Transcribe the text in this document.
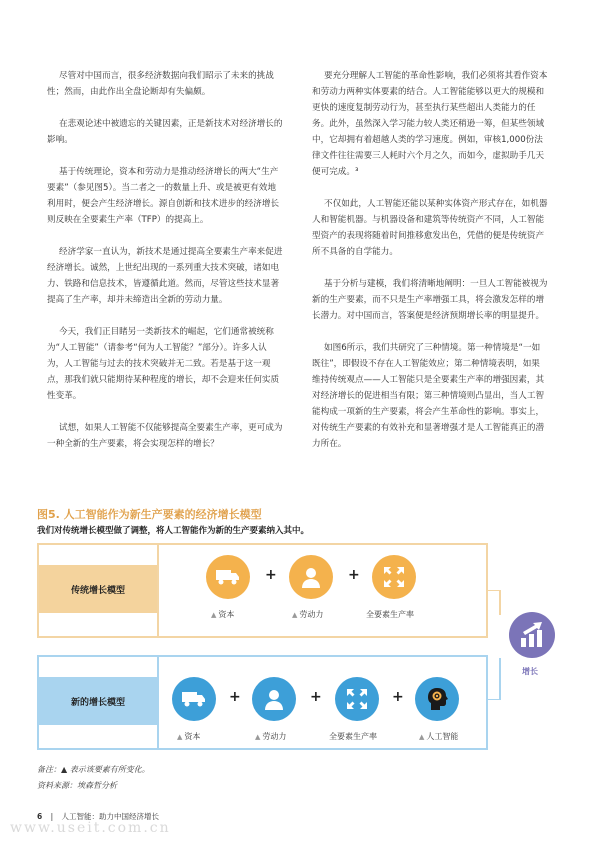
尽管对中国而言，很多经济数据向我们昭示了未来的挑战性；然而，由此作出全盘论断却有失偏颇。

在悲观论述中被遗忘的关键因素，正是新技术对经济增长的影响。

基于传统理论，资本和劳动力是推动经济增长的两大“生产要素”（参见图5）。当二者之一的数量上升、或是被更有效地利用时，便会产生经济增长。源自创新和技术进步的经济增长则反映在全要素生产率（TFP）的提高上。

经济学家一直认为，新技术是通过提高全要素生产率来促进经济增长。诚然，上世纪出现的一系列重大技术突破，诸如电力、铁路和信息技术，皆遵循此道。然而，尽管这些技术显著提高了生产率，却并未缔造出全新的劳动力量。

今天，我们正目睹另一类新技术的崛起，它们通常被统称为“人工智能”（请参考“何为人工智能？”部分）。许多人认为，人工智能与过去的技术突破并无二致。若是基于这一观点，那我们就只能期待某种程度的增长，却不会迎来任何实质性变革。

试想，如果人工智能不仅能够提高全要素生产率，更可成为一种全新的生产要素，将会实现怎样的增长？

要充分理解人工智能的革命性影响，我们必须将其看作资本和劳动力两种实体要素的结合。人工智能能够以更大的规模和更快的速度复制劳动行为，甚至执行某些超出人类能力的任务。此外，虽然深入学习能力较人类还稍逊一筹，但某些领域中，它却拥有着超越人类的学习速度。例如，审核1,000份法律文件往往需要三人耗时六个月之久，而如今，虚拟助手几天便可完成。³

不仅如此，人工智能还能以某种实体资产形式存在，如机器人和智能机器。与机器设备和建筑等传统资产不同，人工智能型资产的表现将随着时间推移愈发出色，凭借的便是传统资产所不具备的自学能力。

基于分析与建模，我们将清晰地阐明：一旦人工智能被视为新的生产要素，而不只是生产率增强工具，将会激发怎样的增长潜力。对中国而言，答案便是经济预期增长率的明显提升。

如图6所示，我们共研究了三种情境。第一种情境是“一如既往”，即假设不存在人工智能效应；第二种情境表明，如果维持传统观点——人工智能只是全要素生产率的增强因素，其对经济增长的促进相当有限；第三种情境则凸显出，当人工智能构成一项新的生产要素，将会产生革命性的影响。事实上，对传统生产要素的有效补充和显著增强才是人工智能真正的潜力所在。

图5. 人工智能作为新生产要素的经济增长模型
我们对传统增长模型做了调整，将人工智能作为新的生产要素纳入其中。
传统增长模型
▲ 资本
+
▲ 劳动力
+
全要素生产率
新的增长模型
▲ 资本
+
▲ 劳动力
+
全要素生产率
+
▲ 人工智能
增长
备注：▲ 表示该要素有所变化。
资料来源：埃森哲分析
6 | 人工智能：助力中国经济增长
www.useit.com.cn
